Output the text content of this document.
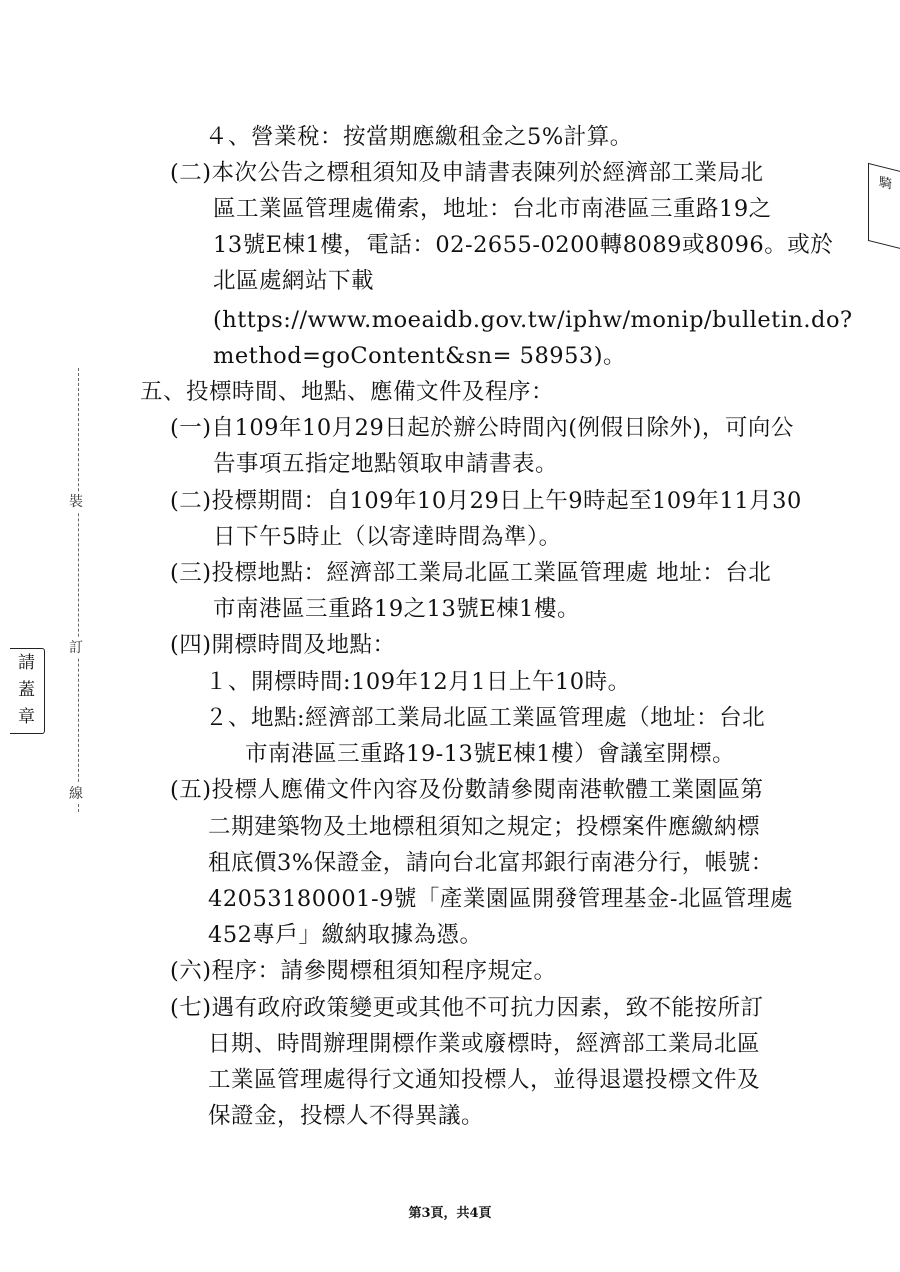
裝
訂
線
請
蓋
章
騎

４、營業稅：按當期應繳租金之5%計算。

(二)本次公告之標租須知及申請書表陳列於經濟部工業局北

區工業區管理處備索，地址：台北市南港區三重路19之

13號E棟1樓，電話：02-2655-0200轉8089或8096。或於

北區處網站下載

(https://www.moeaidb.gov.tw/iphw/monip/bulletin.do?

method=goContent&sn= 58953)。

五、投標時間、地點、應備文件及程序：

(一)自109年10月29日起於辦公時間內(例假日除外)，可向公

告事項五指定地點領取申請書表。

(二)投標期間：自109年10月29日上午9時起至109年11月30

日下午5時止（以寄達時間為準）。

(三)投標地點：經濟部工業局北區工業區管理處 地址：台北

市南港區三重路19之13號E棟1樓。

(四)開標時間及地點：

１、開標時間:109年12月1日上午10時。

２、地點:經濟部工業局北區工業區管理處（地址：台北

市南港區三重路19-13號E棟1樓）會議室開標。

(五)投標人應備文件內容及份數請參閱南港軟體工業園區第

二期建築物及土地標租須知之規定；投標案件應繳納標

租底價3%保證金，請向台北富邦銀行南港分行，帳號：

42053180001-9號「產業園區開發管理基金-北區管理處

452專戶」繳納取據為憑。

(六)程序：請參閱標租須知程序規定。

(七)遇有政府政策變更或其他不可抗力因素，致不能按所訂

日期、時間辦理開標作業或廢標時，經濟部工業局北區

工業區管理處得行文通知投標人，並得退還投標文件及

保證金，投標人不得異議。

第3頁，共4頁
